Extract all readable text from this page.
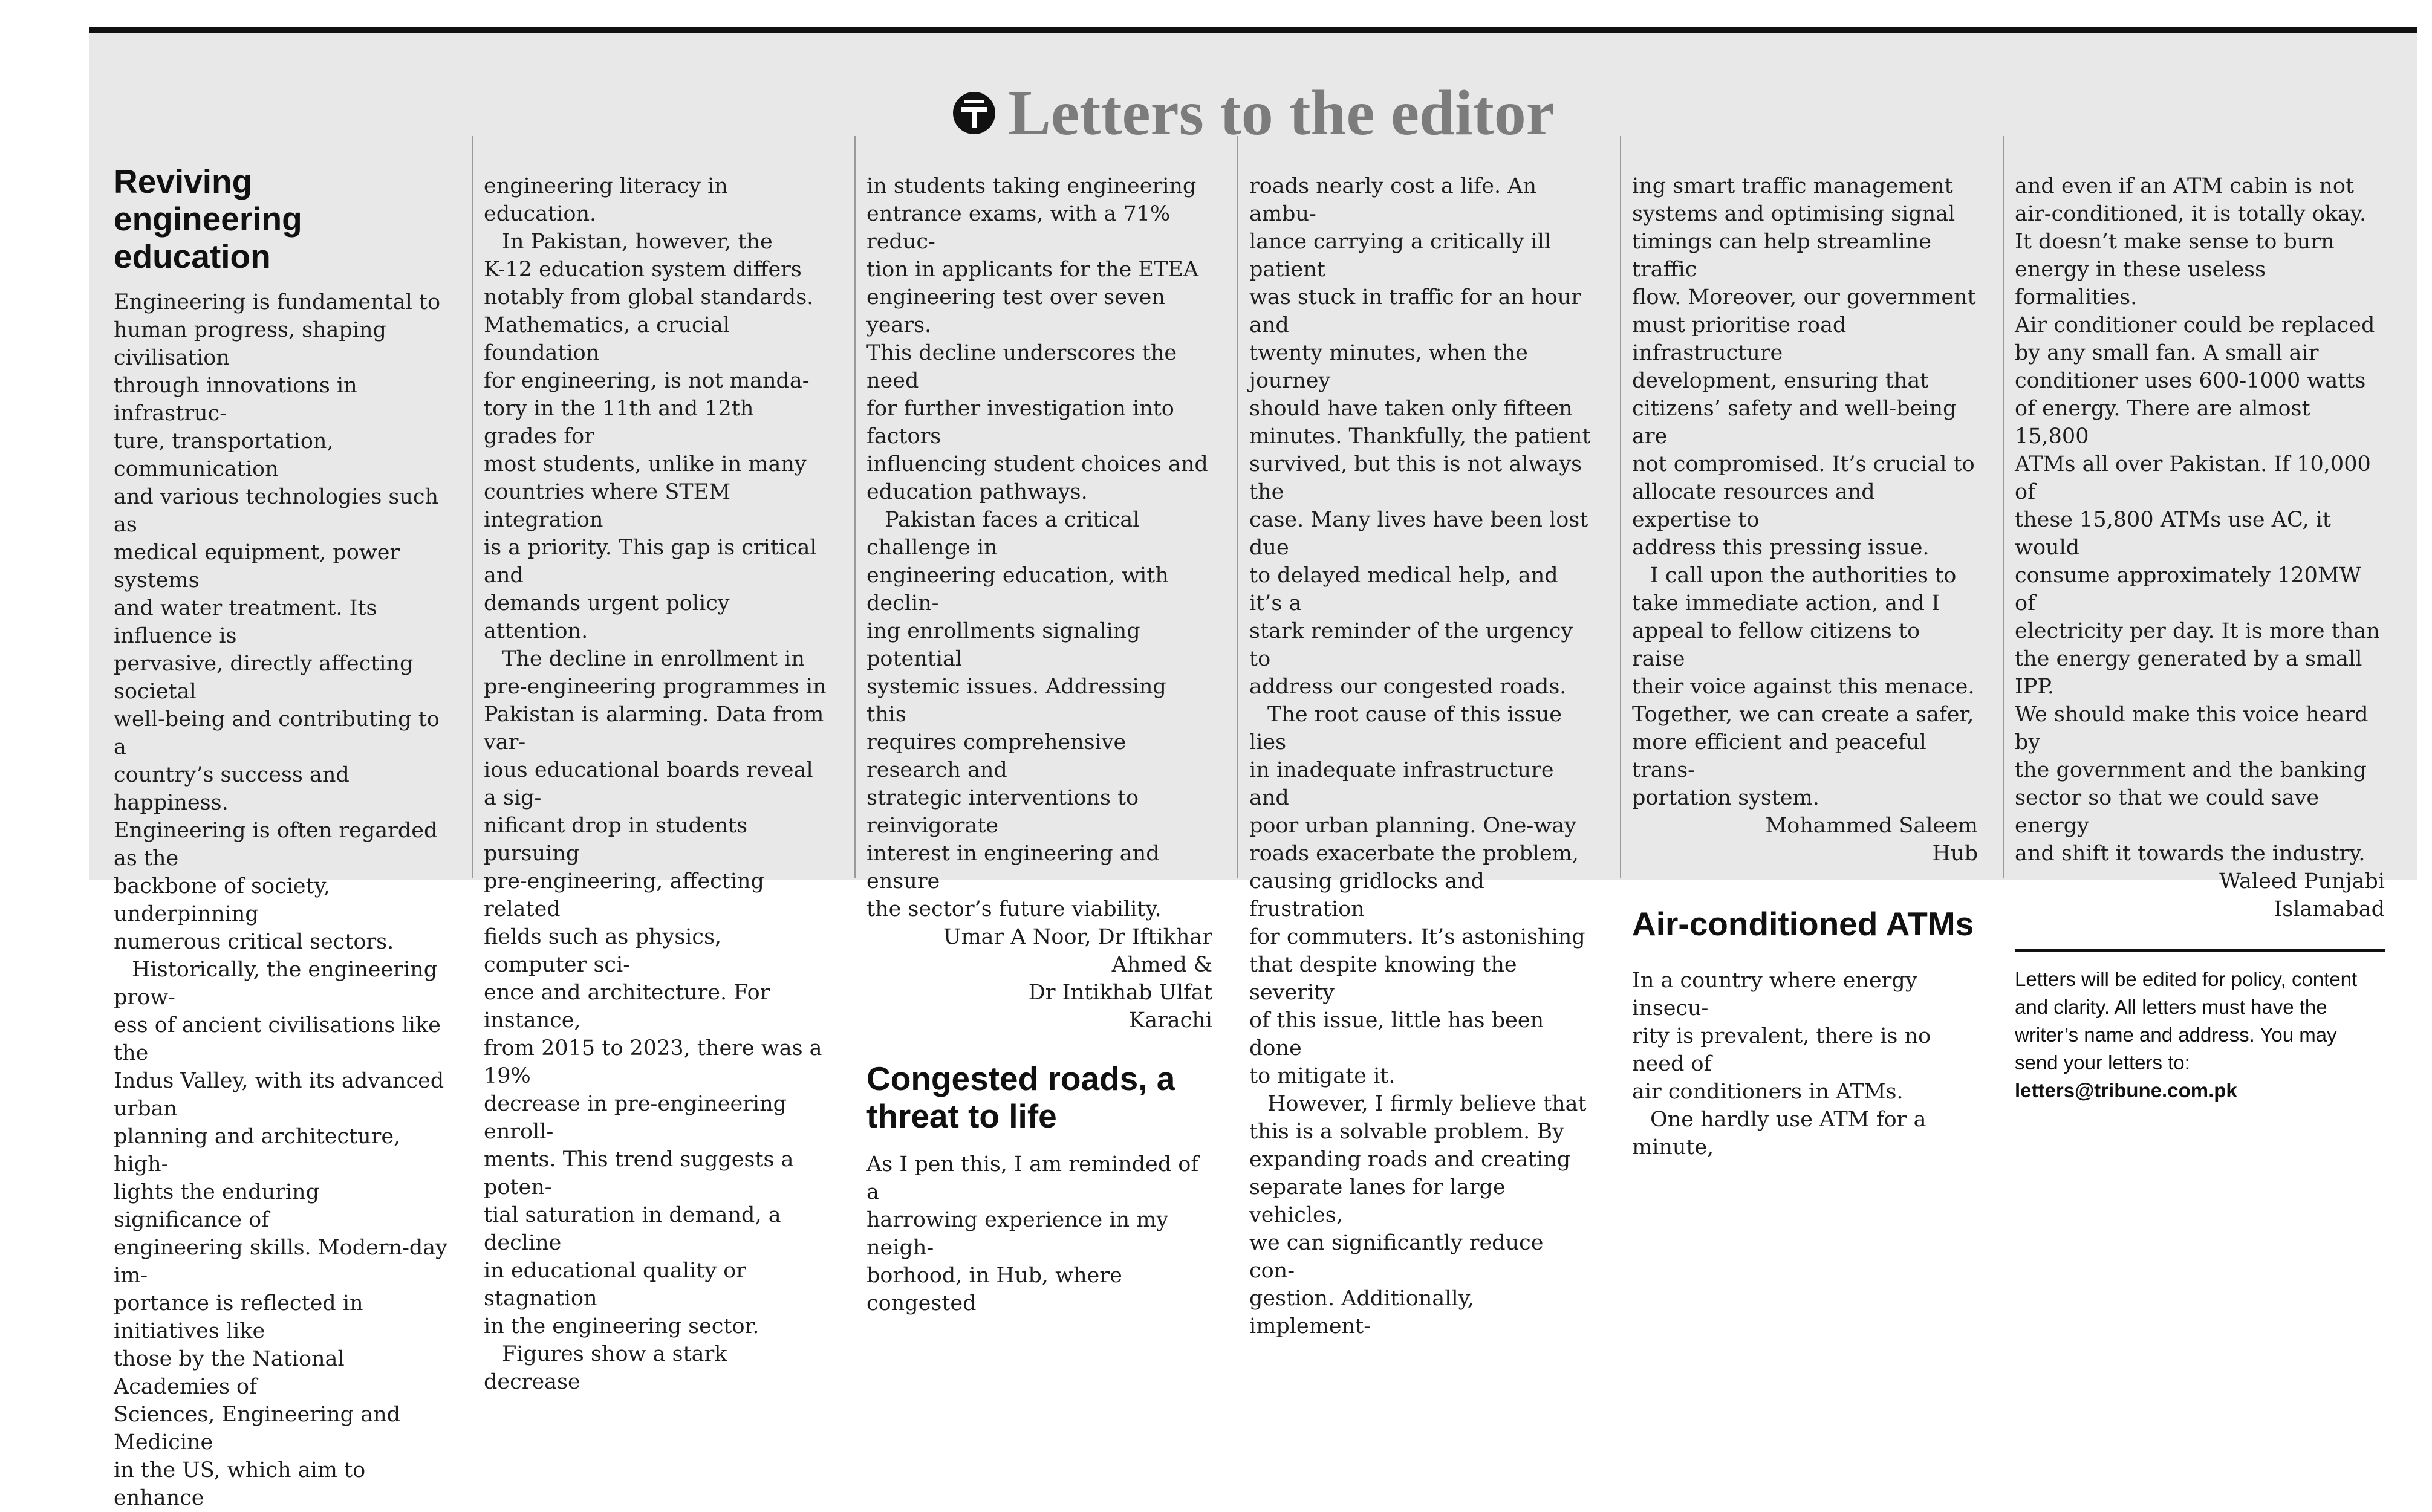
Letters to the editor
Reviving engineering
education

Engineering is fundamental to
human progress, shaping civilisation
through innovations in infrastruc-
ture, transportation, communication
and various technologies such as
medical equipment, power systems
and water treatment. Its influence is
pervasive, directly affecting societal
well-being and contributing to a
country’s success and happiness.
Engineering is often regarded as the
backbone of society, underpinning
numerous critical sectors.

Historically, the engineering prow-
ess of ancient civilisations like the
Indus Valley, with its advanced urban
planning and architecture, high-
lights the enduring significance of
engineering skills. Modern-day im-
portance is reflected in initiatives like
those by the National Academies of
Sciences, Engineering and Medicine
in the US, which aim to enhance

engineering literacy in education.

In Pakistan, however, the
K-12 education system differs
notably from global standards.
Mathematics, a crucial foundation
for engineering, is not manda-
tory in the 11th and 12th grades for
most students, unlike in many
countries where STEM integration
is a priority. This gap is critical and
demands urgent policy attention.

The decline in enrollment in
pre-engineering programmes in
Pakistan is alarming. Data from var-
ious educational boards reveal a sig-
nificant drop in students pursuing
pre-engineering, affecting related
fields such as physics, computer sci-
ence and architecture. For instance,
from 2015 to 2023, there was a 19%
decrease in pre-engineering enroll-
ments. This trend suggests a poten-
tial saturation in demand, a decline
in educational quality or stagnation
in the engineering sector.

Figures show a stark decrease

in students taking engineering
entrance exams, with a 71% reduc-
tion in applicants for the ETEA
engineering test over seven years.
This decline underscores the need
for further investigation into factors
influencing student choices and
education pathways.

Pakistan faces a critical challenge in
engineering education, with declin-
ing enrollments signaling potential
systemic issues. Addressing this
requires comprehensive research and
strategic interventions to reinvigorate
interest in engineering and ensure
the sector’s future viability.

Umar A Noor, Dr Iftikhar Ahmed &
Dr Intikhab Ulfat
Karachi

Congested roads, a
threat to life

As I pen this, I am reminded of a
harrowing experience in my neigh-
borhood, in Hub, where congested

roads nearly cost a life. An ambu-
lance carrying a critically ill patient
was stuck in traffic for an hour and
twenty minutes, when the journey
should have taken only fifteen
minutes. Thankfully, the patient
survived, but this is not always the
case. Many lives have been lost due
to delayed medical help, and it’s a
stark reminder of the urgency to
address our congested roads.

The root cause of this issue lies
in inadequate infrastructure and
poor urban planning. One-way
roads exacerbate the problem,
causing gridlocks and frustration
for commuters. It’s astonishing
that despite knowing the severity
of this issue, little has been done
to mitigate it.

However, I firmly believe that
this is a solvable problem. By
expanding roads and creating
separate lanes for large vehicles,
we can significantly reduce con-
gestion. Additionally, implement-

ing smart traffic management
systems and optimising signal
timings can help streamline traffic
flow. Moreover, our government
must prioritise road infrastructure
development, ensuring that
citizens’ safety and well-being are
not compromised. It’s crucial to
allocate resources and expertise to
address this pressing issue.

I call upon the authorities to
take immediate action, and I
appeal to fellow citizens to raise
their voice against this menace.
Together, we can create a safer,
more efficient and peaceful trans-
portation system.

Mohammed Saleem
Hub

Air-conditioned ATMs

In a country where energy insecu-
rity is prevalent, there is no need of
air conditioners in ATMs.

One hardly use ATM for a minute,

and even if an ATM cabin is not
air-conditioned, it is totally okay.
It doesn’t make sense to burn
energy in these useless formalities.
Air conditioner could be replaced
by any small fan. A small air
conditioner uses 600-1000 watts
of energy. There are almost 15,800
ATMs all over Pakistan. If 10,000 of
these 15,800 ATMs use AC, it would
consume approximately 120MW of
electricity per day. It is more than
the energy generated by a small IPP.
We should make this voice heard by
the government and the banking
sector so that we could save energy
and shift it towards the industry.

Waleed Punjabi
Islamabad

Letters will be edited for policy, content
and clarity. All letters must have the
writer’s name and address. You may
send your letters to:

letters@tribune.com.pk
